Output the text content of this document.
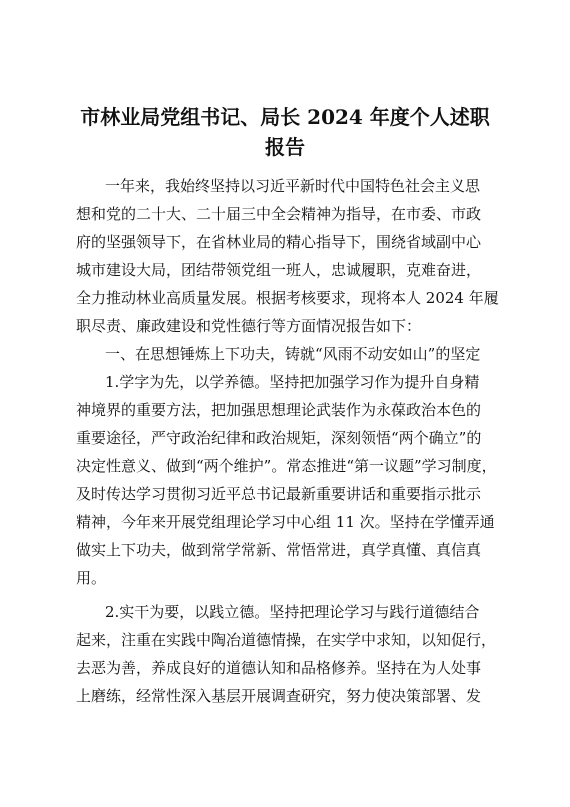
市林业局党组书记、局长 2024 年度个人述职
报告
一年来，我始终坚持以习近平新时代中国特色社会主义思
想和党的二十大、二十届三中全会精神为指导，在市委、市政
府的坚强领导下，在省林业局的精心指导下，围绕省域副中心
城市建设大局，团结带领党组一班人，忠诚履职，克难奋进，
全力推动林业高质量发展。根据考核要求，现将本人 2024 年履
职尽责、廉政建设和党性德行等方面情况报告如下：
一、在思想锤炼上下功夫，铸就“风雨不动安如山”的坚定
1.学字为先，以学养德。坚持把加强学习作为提升自身精
神境界的重要方法，把加强思想理论武装作为永葆政治本色的
重要途径，严守政治纪律和政治规矩，深刻领悟“两个确立”的
决定性意义、做到“两个维护”。常态推进“第一议题”学习制度，
及时传达学习贯彻习近平总书记最新重要讲话和重要指示批示
精神，今年来开展党组理论学习中心组 11 次。坚持在学懂弄通
做实上下功夫，做到常学常新、常悟常进，真学真懂、真信真
用。
2.实干为要，以践立德。坚持把理论学习与践行道德结合
起来，注重在实践中陶冶道德情操，在实学中求知，以知促行，
去恶为善，养成良好的道德认知和品格修养。坚持在为人处事
上磨练，经常性深入基层开展调查研究，努力使决策部署、发
